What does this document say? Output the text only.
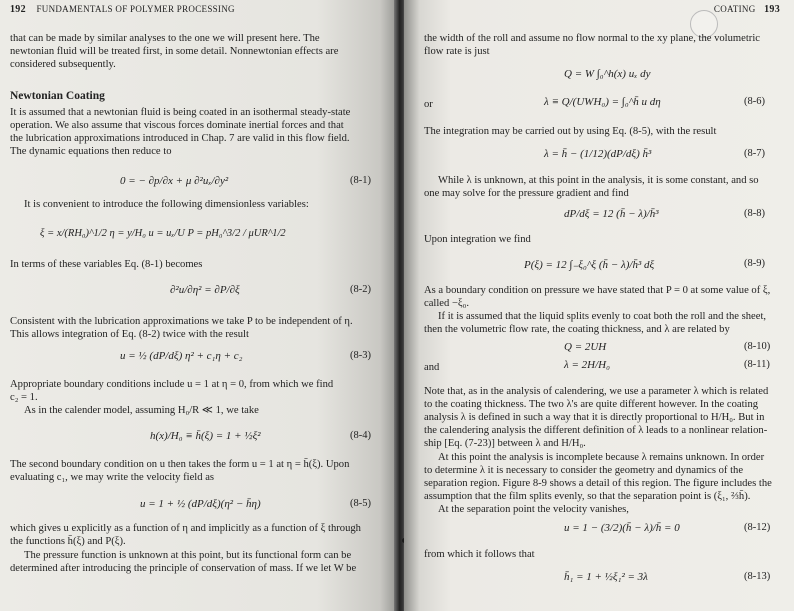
192 FUNDAMENTALS OF POLYMER PROCESSING
that can be made by similar analyses to the one we will present here. The
newtonian fluid will be treated first, in some detail. Nonnewtonian effects are
considered subsequently.
Newtonian Coating
It is assumed that a newtonian fluid is being coated in an isothermal steady-state
operation. We also assume that viscous forces dominate inertial forces and that
the lubrication approximations introduced in Chap. 7 are valid in this flow field.
The dynamic equations then reduce to
0 = − ∂p/∂x + μ ∂²uₓ/∂y²	(8-1)
It is convenient to introduce the following dimensionless variables:
ξ = x/(RH₀)^1/2 η = y/H₀ u = uₓ/U P = pH₀^3/2 / μUR^1/2
In terms of these variables Eq. (8-1) becomes
∂²u/∂η² = ∂P/∂ξ	(8-2)
Consistent with the lubrication approximations we take P to be independent of η.
This allows integration of Eq. (8-2) twice with the result
u = ½ (dP/dξ) η² + c₁η + c₂	(8-3)
Appropriate boundary conditions include u = 1 at η = 0, from which we find
c₂ = 1.
As in the calender model, assuming H₀/R ≪ 1, we take
h(x)/H₀ ≡ h̄(ξ) = 1 + ½ξ²	(8-4)
The second boundary condition on u then takes the form u = 1 at η = h̄(ξ). Upon
evaluating c₁, we may write the velocity field as
u = 1 + ½ (dP/dξ)(η² − h̄η)	(8-5)
which gives u explicitly as a function of η and implicitly as a function of ξ through
the functions h̄(ξ) and P(ξ).
The pressure function is unknown at this point, but its functional form can be
determined after introducing the principle of conservation of mass. If we let W be
COATING 193
the width of the roll and assume no flow normal to the xy plane, the volumetric
flow rate is just
Q = W ∫₀^h(x) uₓ dy
or	λ ≡ Q/(UWH₀) = ∫₀^h̄ u dη	(8-6)
The integration may be carried out by using Eq. (8-5), with the result
λ = h̄ − (1/12)(dP/dξ) h̄³	(8-7)
While λ is unknown, at this point in the analysis, it is some constant, and so
one may solve for the pressure gradient and find
dP/dξ = 12 (h̄ − λ)/h̄³	(8-8)
Upon integration we find
P(ξ) = 12 ∫₋ξ₀^ξ (h̄ − λ)/h̄³ dξ	(8-9)
As a boundary condition on pressure we have stated that P = 0 at some value of ξ,
called −ξ₀.
If it is assumed that the liquid splits evenly to coat both the roll and the sheet,
then the volumetric flow rate, the coating thickness, and λ are related by
Q = 2UH	(8-10)
and	λ = 2H/H₀	(8-11)
Note that, as in the analysis of calendering, we use a parameter λ which is related
to the coating thickness. The two λ's are quite different however. In the coating
analysis λ is defined in such a way that it is directly proportional to H/H₀. But in
the calendering analysis the different definition of λ leads to a nonlinear relation-
ship [Eq. (7-23)] between λ and H/H₀.
At this point the analysis is incomplete because λ remains unknown. In order
to determine λ it is necessary to consider the geometry and dynamics of the
separation region. Figure 8-9 shows a detail of this region. The figure includes the
assumption that the film splits evenly, so that the separation point is (ξ₁, ⅔h̄).
At the separation point the velocity vanishes,
u = 1 − (3/2)(h̄ − λ)/h̄ = 0	(8-12)
from which it follows that
h̄₁ = 1 + ½ξ₁² = 3λ	(8-13)
